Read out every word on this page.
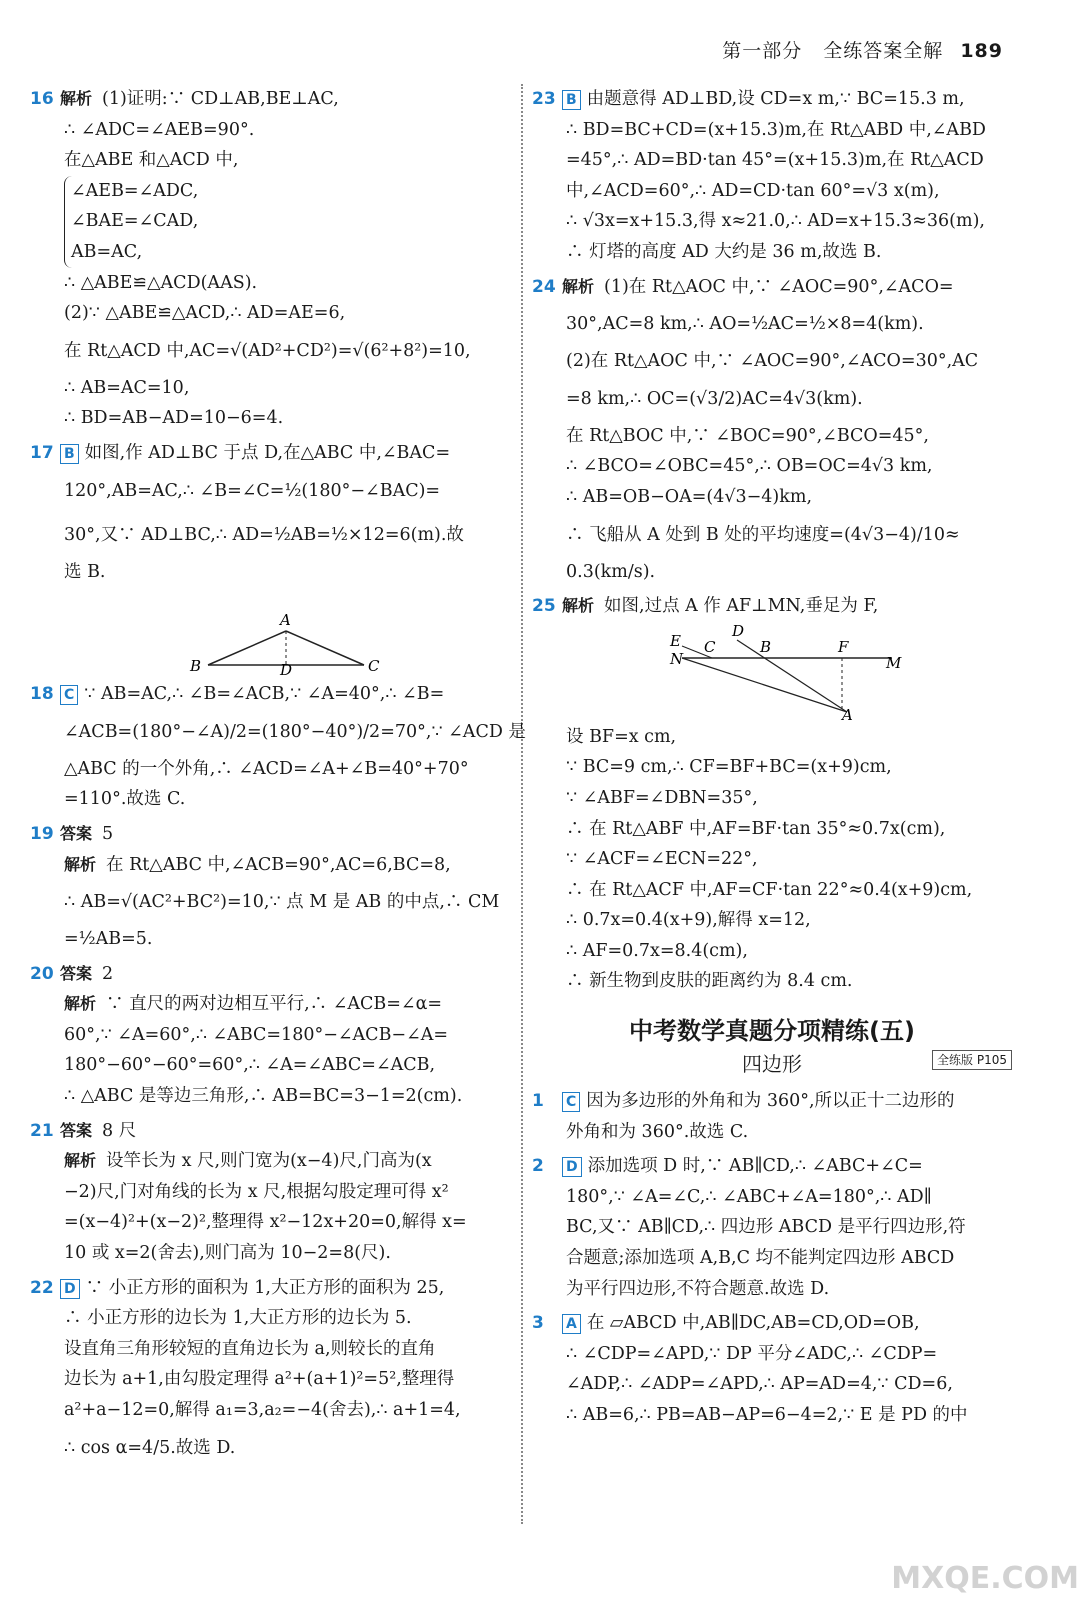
第一部分 全练答案全解 189
16 解析 (1)证明:∵ CD⊥AB,BE⊥AC,
∴ ∠ADC=∠AEB=90°.
在△ABE 和△ACD 中,
∠AEB=∠ADC,
∠BAE=∠CAD,
AB=AC,
∴ △ABE≌△ACD(AAS).
(2)∵ △ABE≌△ACD,∴ AD=AE=6,
在 Rt△ACD 中,AC=√(AD²+CD²)=√(6²+8²)=10,
∴ AB=AC=10,
∴ BD=AB−AD=10−6=4.
17 B 如图,作 AD⊥BC 于点 D,在△ABC 中,∠BAC=
120°,AB=AC,∴ ∠B=∠C=½(180°−∠BAC)=
30°,又∵ AD⊥BC,∴ AD=½AB=½×12=6(m).故
选 B.
A
B	C
D
18 C ∵ AB=AC,∴ ∠B=∠ACB,∵ ∠A=40°,∴ ∠B=
∠ACB=(180°−∠A)/2=(180°−40°)/2=70°,∵ ∠ACD 是
△ABC 的一个外角,∴ ∠ACD=∠A+∠B=40°+70°
=110°.故选 C.
19 答案 5
解析 在 Rt△ABC 中,∠ACB=90°,AC=6,BC=8,
∴ AB=√(AC²+BC²)=10,∵ 点 M 是 AB 的中点,∴ CM
=½AB=5.
20 答案 2
解析 ∵ 直尺的两对边相互平行,∴ ∠ACB=∠α=
60°,∵ ∠A=60°,∴ ∠ABC=180°−∠ACB−∠A=
180°−60°−60°=60°,∴ ∠A=∠ABC=∠ACB,
∴ △ABC 是等边三角形,∴ AB=BC=3−1=2(cm).
21 答案 8 尺
解析 设竿长为 x 尺,则门宽为(x−4)尺,门高为(x
−2)尺,门对角线的长为 x 尺,根据勾股定理可得 x²
=(x−4)²+(x−2)²,整理得 x²−12x+20=0,解得 x=
10 或 x=2(舍去),则门高为 10−2=8(尺).
22 D ∵ 小正方形的面积为 1,大正方形的面积为 25,
∴ 小正方形的边长为 1,大正方形的边长为 5.
设直角三角形较短的直角边长为 a,则较长的直角
边长为 a+1,由勾股定理得 a²+(a+1)²=5²,整理得
a²+a−12=0,解得 a₁=3,a₂=−4(舍去),∴ a+1=4,
∴ cos α=4/5.故选 D.
23 B 由题意得 AD⊥BD,设 CD=x m,∵ BC=15.3 m,
∴ BD=BC+CD=(x+15.3)m,在 Rt△ABD 中,∠ABD
=45°,∴ AD=BD·tan 45°=(x+15.3)m,在 Rt△ACD
中,∠ACD=60°,∴ AD=CD·tan 60°=√3 x(m),
∴ √3x=x+15.3,得 x≈21.0,∴ AD=x+15.3≈36(m),
∴ 灯塔的高度 AD 大约是 36 m,故选 B.
24 解析 (1)在 Rt△AOC 中,∵ ∠AOC=90°,∠ACO=
30°,AC=8 km,∴ AO=½AC=½×8=4(km).
(2)在 Rt△AOC 中,∵ ∠AOC=90°,∠ACO=30°,AC
=8 km,∴ OC=(√3/2)AC=4√3(km).
在 Rt△BOC 中,∵ ∠BOC=90°,∠BCO=45°,
∴ ∠BCO=∠OBC=45°,∴ OB=OC=4√3 km,
∴ AB=OB−OA=(4√3−4)km,
∴ 飞船从 A 处到 B 处的平均速度=(4√3−4)/10≈
0.3(km/s).
25 解析 如图,过点 A 作 AF⊥MN,垂足为 F,
E C
D
B	F
M
N
A
设 BF=x cm,
∵ BC=9 cm,∴ CF=BF+BC=(x+9)cm,
∵ ∠ABF=∠DBN=35°,
∴ 在 Rt△ABF 中,AF=BF·tan 35°≈0.7x(cm),
∵ ∠ACF=∠ECN=22°,
∴ 在 Rt△ACF 中,AF=CF·tan 22°≈0.4(x+9)cm,
∴ 0.7x=0.4(x+9),解得 x=12,
∴ AF=0.7x=8.4(cm),
∴ 新生物到皮肤的距离约为 8.4 cm.
中考数学真题分项精练(五)
四边形	全练版 P105
1 C 因为多边形的外角和为 360°,所以正十二边形的
外角和为 360°.故选 C.
2 D 添加选项 D 时,∵ AB∥CD,∴ ∠ABC+∠C=
180°,∵ ∠A=∠C,∴ ∠ABC+∠A=180°,∴ AD∥
BC,又∵ AB∥CD,∴ 四边形 ABCD 是平行四边形,符
合题意;添加选项 A,B,C 均不能判定四边形 ABCD
为平行四边形,不符合题意.故选 D.
3 A 在 ▱ABCD 中,AB∥DC,AB=CD,OD=OB,
∴ ∠CDP=∠APD,∵ DP 平分∠ADC,∴ ∠CDP=
∠ADP,∴ ∠ADP=∠APD,∴ AP=AD=4,∵ CD=6,
∴ AB=6,∴ PB=AB−AP=6−4=2,∵ E 是 PD 的中
MXQE.COM
